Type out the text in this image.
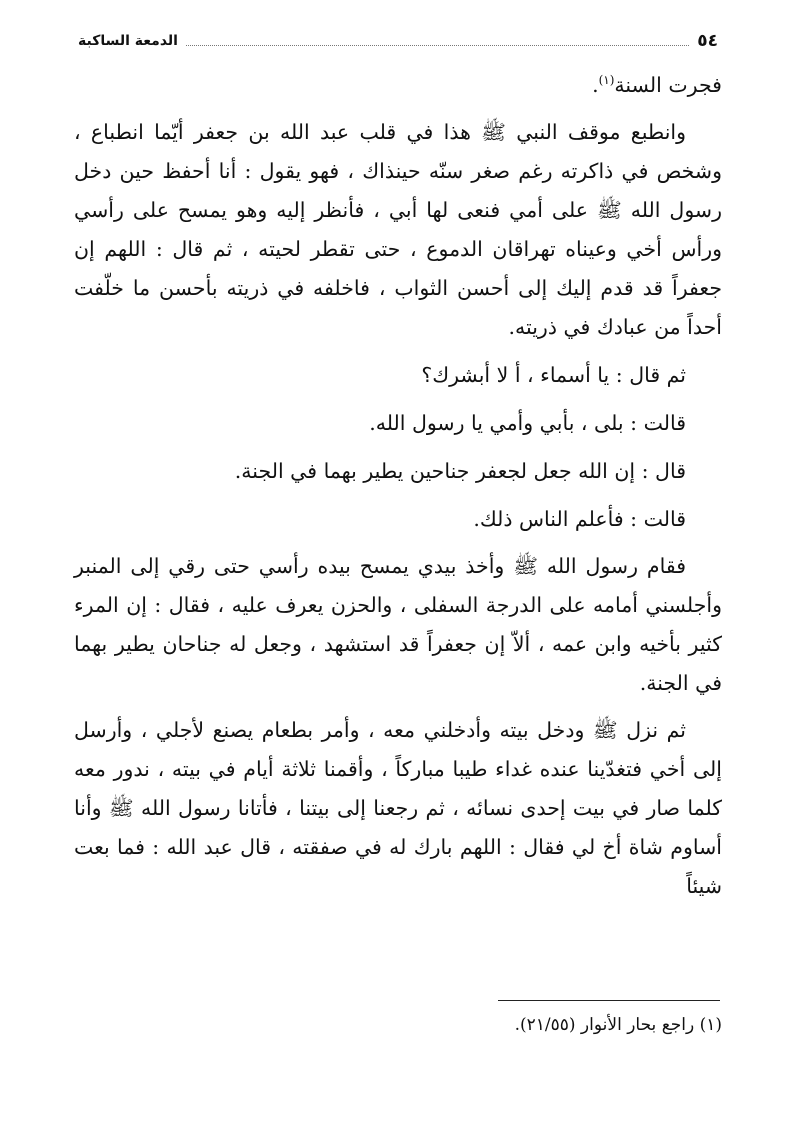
٥٤
الدمعة الساكبة

فجرت السنة$^{(١)}$.

وانطبع موقف النبي ﷺ هذا في قلب عبد الله بن جعفر أيّما انطباع ، وشخص في ذاكرته رغم صغر سنّه حينذاك ، فهو يقول : أنا أحفظ حين دخل رسول الله ﷺ على أمي فنعى لها أبي ، فأنظر إليه وهو يمسح على رأسي ورأس أخي وعيناه تهراقان الدموع ، حتى تقطر لحيته ، ثم قال : اللهم إن جعفراً قد قدم إليك إلى أحسن الثواب ، فاخلفه في ذريته بأحسن ما خلّفت أحداً من عبادك في ذريته.

ثم قال : يا أسماء ، أ لا أبشرك؟

قالت : بلى ، بأبي وأمي يا رسول الله.

قال : إن الله جعل لجعفر جناحين يطير بهما في الجنة.

قالت : فأعلم الناس ذلك.

فقام رسول الله ﷺ وأخذ بيدي يمسح بيده رأسي حتى رقي إلى المنبر وأجلسني أمامه على الدرجة السفلى ، والحزن يعرف عليه ، فقال : إن المرء كثير بأخيه وابن عمه ، ألاّ إن جعفراً قد استشهد ، وجعل له جناحان يطير بهما في الجنة.

ثم نزل ﷺ ودخل بيته وأدخلني معه ، وأمر بطعام يصنع لأجلي ، وأرسل إلى أخي فتغدّينا عنده غداء طيبا مباركاً ، وأقمنا ثلاثة أيام في بيته ، ندور معه كلما صار في بيت إحدى نسائه ، ثم رجعنا إلى بيتنا ، فأتانا رسول الله ﷺ وأنا أساوم شاة أخ لي فقال : اللهم بارك له في صفقته ، قال عبد الله : فما بعت شيئاً

(١) راجع بحار الأنوار (٢١/٥٥).
